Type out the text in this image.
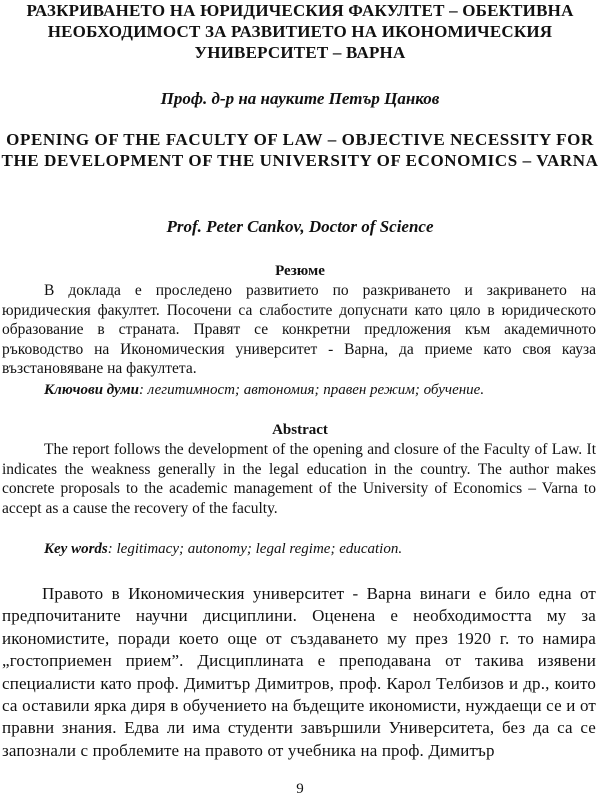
РАЗКРИВАНЕТО НА ЮРИДИЧЕСКИЯ ФАКУЛТЕТ – ОБЕКТИВНА НЕОБХОДИМОСТ ЗА РАЗВИТИЕТО НА ИКОНОМИЧЕСКИЯ УНИВЕРСИТЕТ – ВАРНА

Проф. д-р на науките Петър Цанков

OPENING OF THE FACULTY OF LAW – OBJECTIVE NECESSITY FOR THE DEVELOPMENT OF THE UNIVERSITY OF ECONOMICS – VARNA

Prof. Peter Cankov, Doctor of Science

Резюме

В доклада е проследено развитието по разкриването и закриването на юридическия факултет. Посочени са слабостите допуснати като цяло в юридическото образование в страната. Правят се конкретни предложения към академичното ръководство на Икономическия университет - Варна, да приеме като своя кауза възстановяване на факултета.

Ключови думи: легитимност; автономия; правен режим; обучение.

Abstract

The report follows the development of the opening and closure of the Faculty of Law. It indicates the weakness generally in the legal education in the country. The author makes concrete proposals to the academic management of the University of Economics – Varna to accept as a cause the recovery of the faculty.

Key words: legitimacy; autonomy; legal regime; education.

Правото в Икономическия университет - Варна винаги е било една от предпочитаните научни дисциплини. Оценена е необходимостта му за икономистите, поради което още от създаването му през 1920 г. то намира „гостоприемен прием”. Дисциплината е преподавана от такива изявени специалисти като проф. Димитър Димитров, проф. Карол Телбизов и др., които са оставили ярка диря в обучението на бъдещите икономисти, нуждаещи се и от правни знания. Едва ли има студенти завършили Университета, без да са се запознали с проблемите на правото от учебника на проф. Димитър

9
